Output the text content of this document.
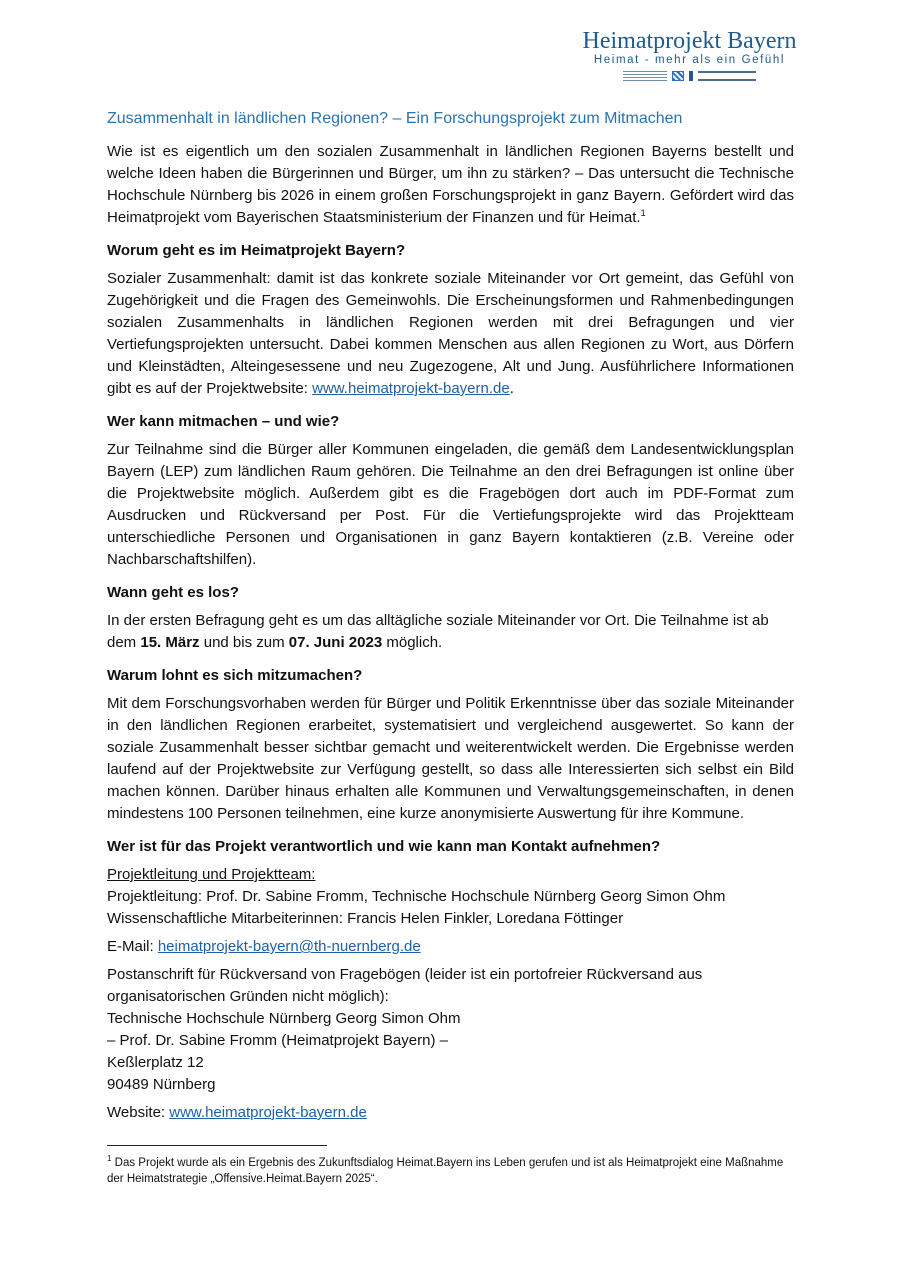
Heimatprojekt Bayern
Heimat - mehr als ein Gefühl
Zusammenhalt in ländlichen Regionen? – Ein Forschungsprojekt zum Mitmachen

Wie ist es eigentlich um den sozialen Zusammenhalt in ländlichen Regionen Bayerns bestellt und welche Ideen haben die Bürgerinnen und Bürger, um ihn zu stärken? – Das untersucht die Technische Hochschule Nürnberg bis 2026 in einem großen Forschungsprojekt in ganz Bayern. Gefördert wird das Heimatprojekt vom Bayerischen Staatsministerium der Finanzen und für Heimat.$^1$

Worum geht es im Heimatprojekt Bayern?

Sozialer Zusammenhalt: damit ist das konkrete soziale Miteinander vor Ort gemeint, das Gefühl von Zugehörigkeit und die Fragen des Gemeinwohls. Die Erscheinungsformen und Rahmenbedingungen sozialen Zusammenhalts in ländlichen Regionen werden mit drei Befragungen und vier Vertiefungsprojekten untersucht. Dabei kommen Menschen aus allen Regionen zu Wort, aus Dörfern und Kleinstädten, Alteingesessene und neu Zugezogene, Alt und Jung. Ausführlichere Informationen gibt es auf der Projektwebsite: www.heimatprojekt-bayern.de.

Wer kann mitmachen – und wie?

Zur Teilnahme sind die Bürger aller Kommunen eingeladen, die gemäß dem Landesentwicklungsplan Bayern (LEP) zum ländlichen Raum gehören. Die Teilnahme an den drei Befragungen ist online über die Projektwebsite möglich. Außerdem gibt es die Fragebögen dort auch im PDF-Format zum Ausdrucken und Rückversand per Post. Für die Vertiefungsprojekte wird das Projektteam unterschiedliche Personen und Organisationen in ganz Bayern kontaktieren (z.B. Vereine oder Nachbarschaftshilfen).

Wann geht es los?

In der ersten Befragung geht es um das alltägliche soziale Miteinander vor Ort. Die Teilnahme ist ab dem 15. März und bis zum 07. Juni 2023 möglich.

Warum lohnt es sich mitzumachen?

Mit dem Forschungsvorhaben werden für Bürger und Politik Erkenntnisse über das soziale Miteinander in den ländlichen Regionen erarbeitet, systematisiert und vergleichend ausgewertet. So kann der soziale Zusammenhalt besser sichtbar gemacht und weiterentwickelt werden. Die Ergebnisse werden laufend auf der Projektwebsite zur Verfügung gestellt, so dass alle Interessierten sich selbst ein Bild machen können. Darüber hinaus erhalten alle Kommunen und Verwaltungsgemeinschaften, in denen mindestens 100 Personen teilnehmen, eine kurze anonymisierte Auswertung für ihre Kommune.

Wer ist für das Projekt verantwortlich und wie kann man Kontakt aufnehmen?

Projektleitung und Projektteam:

Projektleitung: Prof. Dr. Sabine Fromm, Technische Hochschule Nürnberg Georg Simon Ohm

Wissenschaftliche Mitarbeiterinnen: Francis Helen Finkler, Loredana Föttinger

E-Mail: heimatprojekt-bayern@th-nuernberg.de

Postanschrift für Rückversand von Fragebögen (leider ist ein portofreier Rückversand aus organisatorischen Gründen nicht möglich):

Technische Hochschule Nürnberg Georg Simon Ohm

– Prof. Dr. Sabine Fromm (Heimatprojekt Bayern) –

Keßlerplatz 12

90489 Nürnberg

Website: www.heimatprojekt-bayern.de

$^1$ Das Projekt wurde als ein Ergebnis des Zukunftsdialog Heimat.Bayern ins Leben gerufen und ist als Heimatprojekt eine Maßnahme der Heimatstrategie „Offensive.Heimat.Bayern 2025“.
